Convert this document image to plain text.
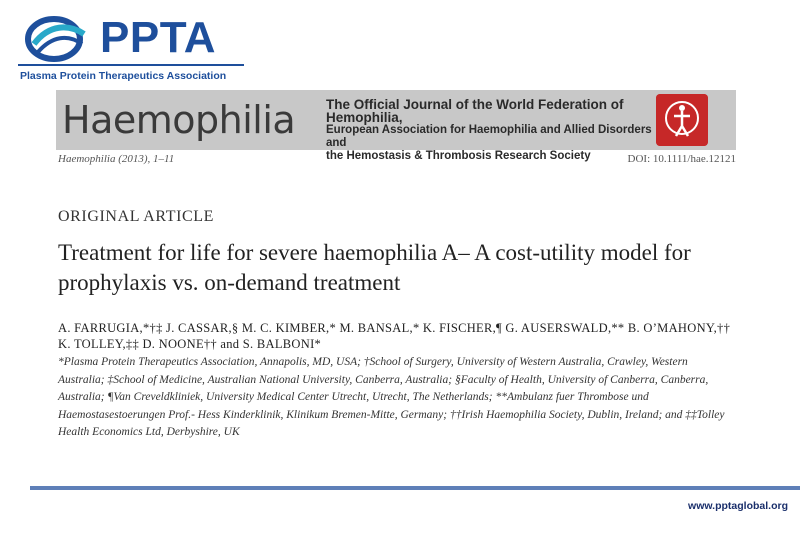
PPTA
Plasma Protein Therapeutics Association
Haemophilia The Official Journal of the World Federation of Hemophilia,
European Association for Haemophilia and Allied Disorders and
the Hemostasis & Thrombosis Research Society
Haemophilia (2013), 1–11	DOI: 10.1111/hae.12121
ORIGINAL ARTICLE
Treatment for life for severe haemophilia A– A cost-utility model for prophylaxis vs. on-demand treatment
A. FARRUGIA,*†‡ J. CASSAR,§ M. C. KIMBER,* M. BANSAL,* K. FISCHER,¶ G. AUSERSWALD,** B. O’MAHONY,†† K. TOLLEY,‡‡ D. NOONE†† and S. BALBONI*
*Plasma Protein Therapeutics Association, Annapolis, MD, USA; †School of Surgery, University of Western Australia, Crawley, Western Australia; ‡School of Medicine, Australian National University, Canberra, Australia; §Faculty of Health, University of Canberra, Canberra, Australia; ¶Van Creveldkliniek, University Medical Center Utrecht, Utrecht, The Netherlands; **Ambulanz fuer Thrombose und Haemostasestoerungen Prof.- Hess Kinderklinik, Klinikum Bremen-Mitte, Germany; ††Irish Haemophilia Society, Dublin, Ireland; and ‡‡Tolley Health Economics Ltd, Derbyshire, UK
www.pptaglobal.org
